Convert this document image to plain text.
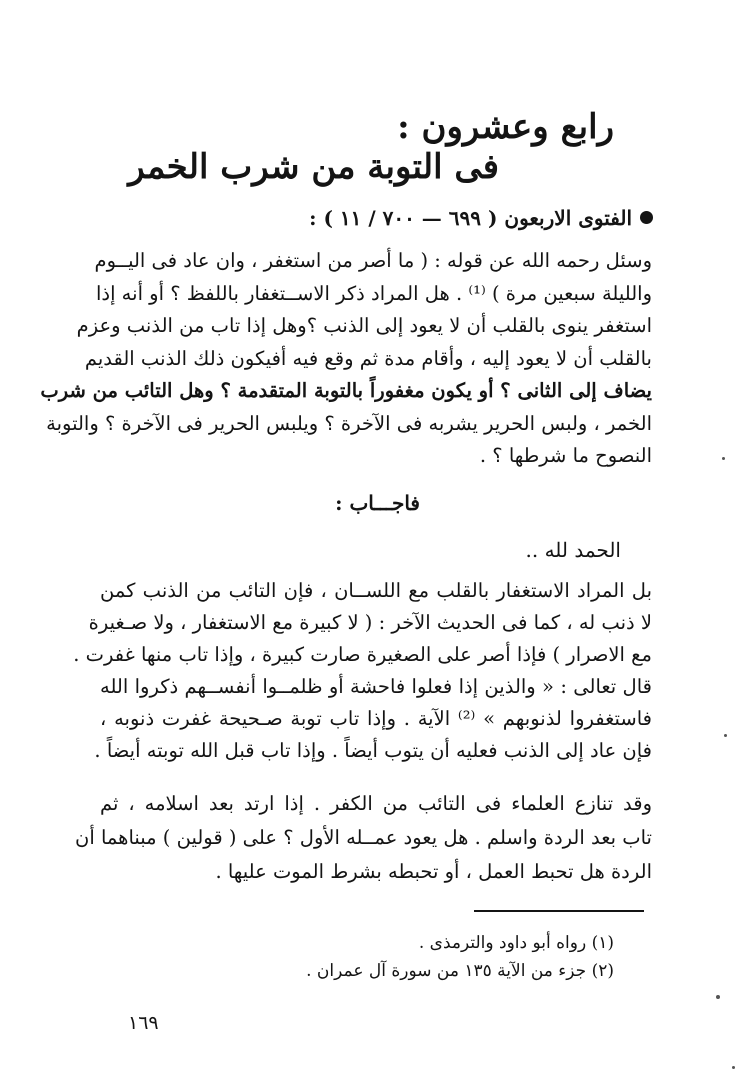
رابع وعشرون :
فى التوبة من شرب الخمر
الفتوى الاربعون ( ٦٩٩ — ٧٠٠ / ١١ ) :
وسئل رحمه الله عن قوله : ( ما أصر من استغفر ، وان عاد فى اليــوم
والليلة سبعين مرة ) ⁽¹⁾ . هل المراد ذكر الاســتغفار باللفظ ؟ أو أنه إذا
استغفر ينوى بالقلب أن لا يعود إلى الذنب ؟وهل إذا تاب من الذنب وعزم
بالقلب أن لا يعود إليه ، وأقام مدة ثم وقع فيه أفيكون ذلك الذنب القديم
يضاف إلى الثانى ؟ أو يكون مغفوراً بالتوبة المتقدمة ؟ وهل التائب من شرب
الخمر ، ولبس الحرير يشربه فى الآخرة ؟ ويلبس الحرير فى الآخرة ؟ والتوبة
النصوح ما شرطها ؟ .
فاجـــاب :
الحمد لله ..
بل المراد الاستغفار بالقلب مع اللســان ، فإن التائب من الذنب كمن
لا ذنب له ، كما فى الحديث الآخر : ( لا كبيرة مع الاستغفار ، ولا صـغيرة
مع الاصرار ) فإذا أصر على الصغيرة صارت كبيرة ، وإذا تاب منها غفرت .
قال تعالى : « والذين إذا فعلوا فاحشة أو ظلمــوا أنفســهم ذكروا الله
فاستغفروا لذنوبهم » ⁽²⁾ الآية . وإذا تاب توبة صـحيحة غفرت ذنوبه ،
فإن عاد إلى الذنب فعليه أن يتوب أيضاً . وإذا تاب قبل الله توبته أيضاً .
وقد تنازع العلماء فى التائب من الكفر . إذا ارتد بعد اسلامه ، ثم
تاب بعد الردة واسلم . هل يعود عمــله الأول ؟ على ( قولين ) مبناهما أن
الردة هل تحبط العمل ، أو تحبطه بشرط الموت عليها .
(١) رواه أبو داود والترمذى .
(٢) جزء من الآية ١٣٥ من سورة آل عمران .
١٦٩
